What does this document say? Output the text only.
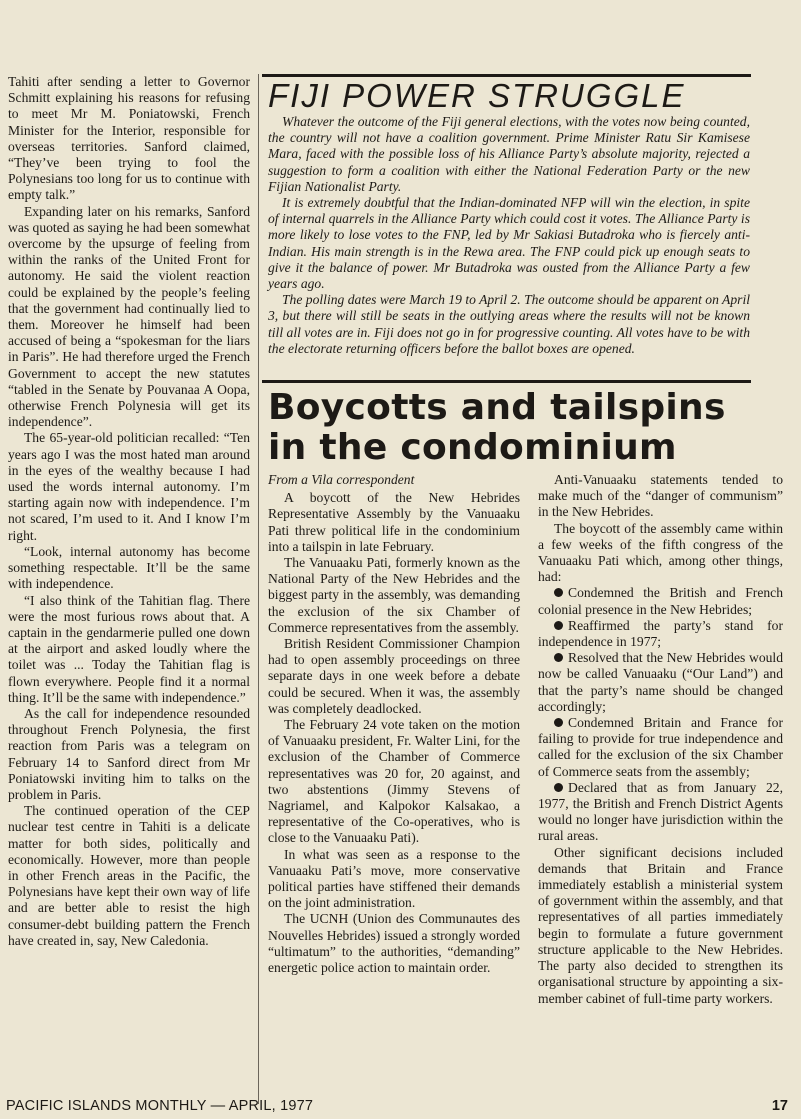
Tahiti after sending a letter to Governor Schmitt explaining his reasons for refusing to meet Mr M. Poniatowski, French Minister for the Interior, responsible for overseas territories. Sanford claimed, “They’ve been trying to fool the Polynesians too long for us to continue with empty talk.”

Expanding later on his remarks, Sanford was quoted as saying he had been somewhat overcome by the upsurge of feeling from within the ranks of the United Front for autonomy. He said the violent reaction could be explained by the people’s feeling that the government had continually lied to them. Moreover he himself had been accused of being a “spokesman for the liars in Paris”. He had therefore urged the French Government to accept the new statutes “tabled in the Senate by Pouvanaa A Oopa, otherwise French Polynesia will get its independence”.

The 65-year-old politician recalled: “Ten years ago I was the most hated man around in the eyes of the wealthy because I had used the words internal autonomy. I’m starting again now with independence. I’m not scared, I’m used to it. And I know I’m right.

“Look, internal autonomy has become something respectable. It’ll be the same with independence.

“I also think of the Tahitian flag. There were the most furious rows about that. A captain in the gendarmerie pulled one down at the airport and asked loudly where the toilet was ... Today the Tahitian flag is flown everywhere. People find it a normal thing. It’ll be the same with independence.”

As the call for independence resounded throughout French Polynesia, the first reaction from Paris was a telegram on February 14 to Sanford direct from Mr Poniatowski inviting him to talks on the problem in Paris.

The continued operation of the CEP nuclear test centre in Tahiti is a delicate matter for both sides, politically and economically. However, more than people in other French areas in the Pacific, the Polynesians have kept their own way of life and are better able to resist the high consumer-debt building pattern the French have created in, say, New Caledonia.

FIJI POWER STRUGGLE

Whatever the outcome of the Fiji general elections, with the votes now being counted, the country will not have a coalition government. Prime Minister Ratu Sir Kamisese Mara, faced with the possible loss of his Alliance Party’s absolute majority, rejected a suggestion to form a coalition with either the National Federation Party or the new Fijian Nationalist Party.

It is extremely doubtful that the Indian-dominated NFP will win the election, in spite of internal quarrels in the Alliance Party which could cost it votes. The Alliance Party is more likely to lose votes to the FNP, led by Mr Sakiasi Butadroka who is fiercely anti-Indian. His main strength is in the Rewa area. The FNP could pick up enough seats to give it the balance of power. Mr Butadroka was ousted from the Alliance Party a few years ago.

The polling dates were March 19 to April 2. The outcome should be apparent on April 3, but there will still be seats in the outlying areas where the results will not be known till all votes are in. Fiji does not go in for progressive counting. All votes have to be with the electorate returning officers before the ballot boxes are opened.

Boycotts and tailspins
in the condominium

From a Vila correspondent

A boycott of the New Hebrides Representative Assembly by the Vanuaaku Pati threw political life in the condominium into a tailspin in late February.

The Vanuaaku Pati, formerly known as the National Party of the New Hebrides and the biggest party in the assembly, was demanding the exclusion of the six Chamber of Commerce representatives from the assembly.

British Resident Commissioner Champion had to open assembly proceedings on three separate days in one week before a debate could be secured. When it was, the assembly was completely deadlocked.

The February 24 vote taken on the motion of Vanuaaku president, Fr. Walter Lini, for the exclusion of the Chamber of Commerce representatives was 20 for, 20 against, and two abstentions (Jimmy Stevens of Nagriamel, and Kalpokor Kalsakao, a representative of the Co-operatives, who is close to the Vanuaaku Pati).

In what was seen as a response to the Vanuaaku Pati’s move, more conservative political parties have stiffened their demands on the joint administration.

The UCNH (Union des Communautes des Nouvelles Hebrides) issued a strongly worded “ultimatum” to the authorities, “demanding” energetic police action to maintain order.

Anti-Vanuaaku statements tended to make much of the “danger of communism” in the New Hebrides.

The boycott of the assembly came within a few weeks of the fifth congress of the Vanuaaku Pati which, among other things, had:

Condemned the British and French colonial presence in the New Hebrides;

Reaffirmed the party’s stand for independence in 1977;

Resolved that the New Hebrides would now be called Vanuaaku (“Our Land”) and that the party’s name should be changed accordingly;

Condemned Britain and France for failing to provide for true independence and called for the exclusion of the six Chamber of Commerce seats from the assembly;

Declared that as from January 22, 1977, the British and French District Agents would no longer have jurisdiction within the rural areas.

Other significant decisions included demands that Britain and France immediately establish a ministerial system of government within the assembly, and that representatives of all parties immediately begin to formulate a future government structure applicable to the New Hebrides. The party also decided to strengthen its organisational structure by appointing a six-member cabinet of full-time party workers.

PACIFIC ISLANDS MONTHLY — APRIL, 1977	17
